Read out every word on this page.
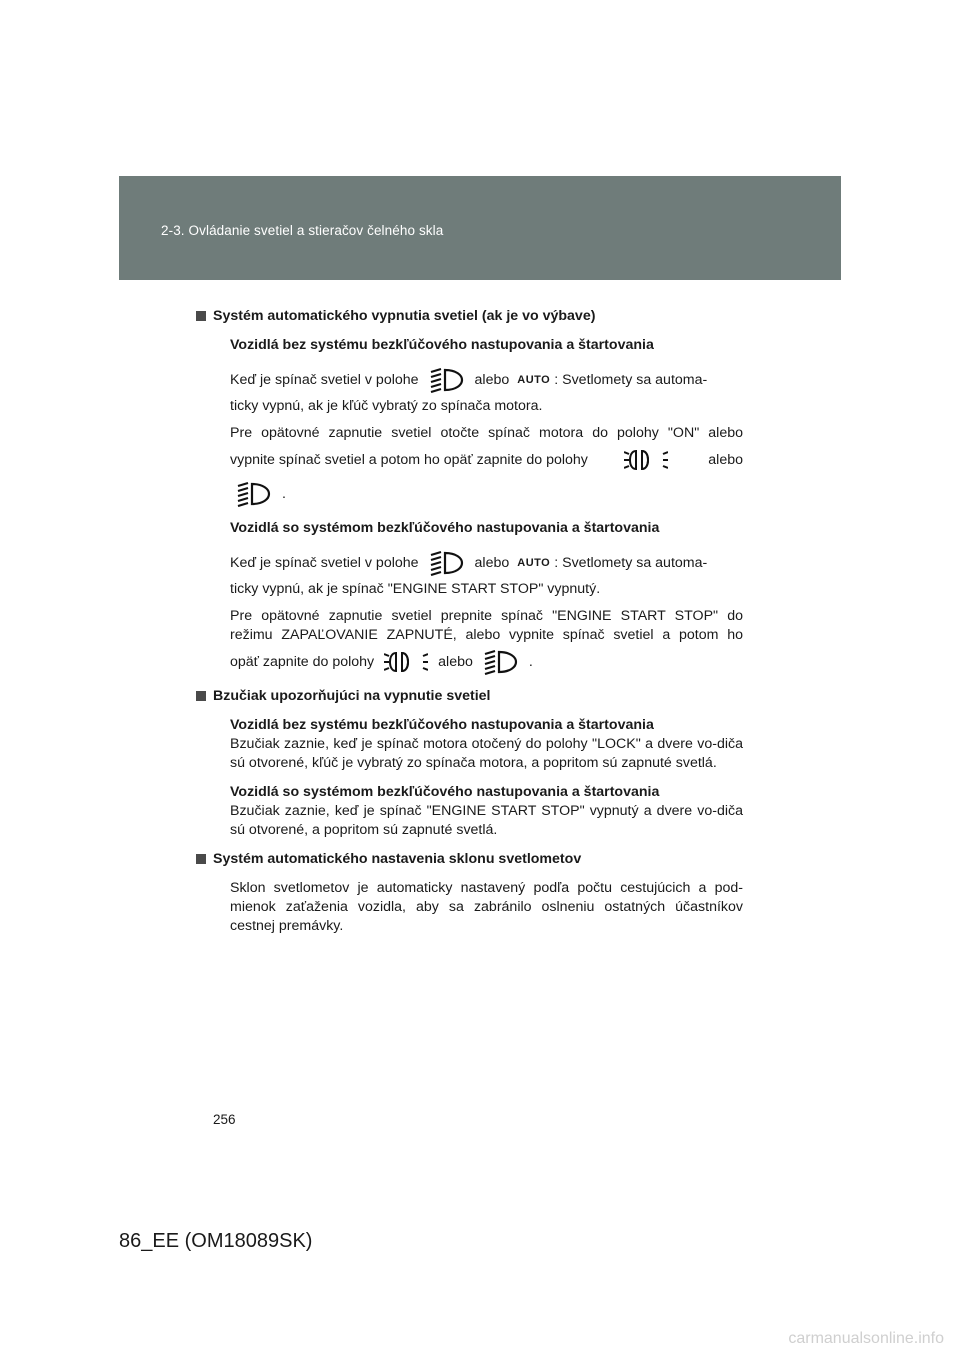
2-3. Ovládanie svetiel a stieračov čelného skla
Systém automatického vypnutia svetiel (ak je vo výbave)
Vozidlá bez systému bezkľúčového nastupovania a štartovania
Keď je spínač svetiel v polohe	alebo AUTO : Svetlomety sa automa-
ticky vypnú, ak je kľúč vybratý zo spínača motora.
Pre opätovné zapnutie svetiel otočte spínač motora do polohy "ON" alebo
vypnite spínač svetiel a potom ho opäť zapnite do polohy	alebo
.
Vozidlá so systémom bezkľúčového nastupovania a štartovania
Keď je spínač svetiel v polohe	alebo AUTO : Svetlomety sa automa-
ticky vypnú, ak je spínač "ENGINE START STOP" vypnutý.
Pre opätovné zapnutie svetiel prepnite spínač "ENGINE START STOP" do
režimu ZAPAĽOVANIE ZAPNUTÉ, alebo vypnite spínač svetiel a potom ho
opäť zapnite do polohy	alebo	.
Bzučiak upozorňujúci na vypnutie svetiel
Vozidlá bez systému bezkľúčového nastupovania a štartovania
Bzučiak zaznie, keď je spínač motora otočený do polohy "LOCK" a dvere vo-diča sú otvorené, kľúč je vybratý zo spínača motora, a popritom sú zapnuté svetlá.
Vozidlá so systémom bezkľúčového nastupovania a štartovania
Bzučiak zaznie, keď je spínač "ENGINE START STOP" vypnutý a dvere vo-diča sú otvorené, a popritom sú zapnuté svetlá.
Systém automatického nastavenia sklonu svetlometov
Sklon svetlometov je automaticky nastavený podľa počtu cestujúcich a pod-mienok zaťaženia vozidla, aby sa zabránilo oslneniu ostatných účastníkov cestnej premávky.
256
86_EE (OM18089SK)
carmanualsonline.info
